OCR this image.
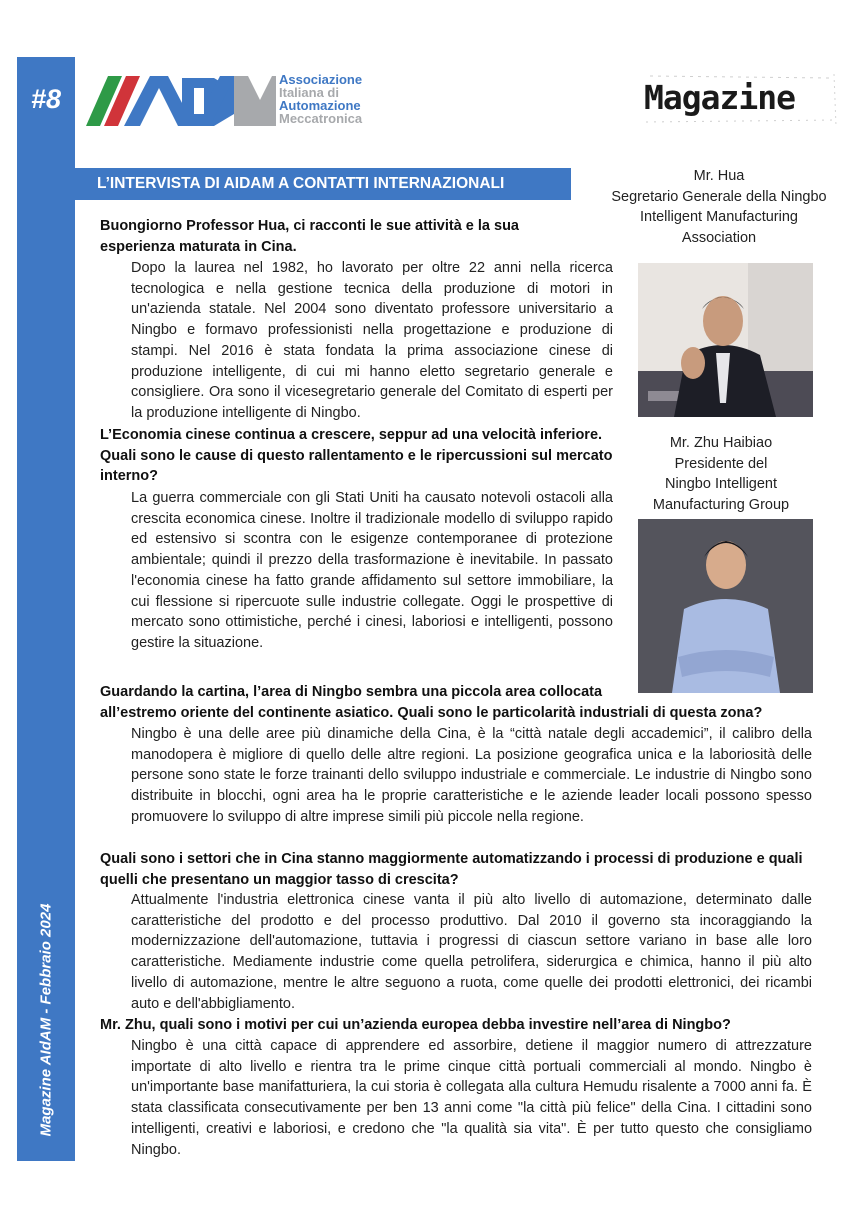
#8
Magazine AIdAM - Febbraio 2024
Associazione
Italiana di
Automazione
Meccatronica
Magazine
L’INTERVISTA DI AIDAM A CONTATTI INTERNAZIONALI	Mr. Hua
Segretario Generale della Ningbo
Intelligent Manufacturing
Association
Mr. Zhu Haibiao
Presidente del
Ningbo Intelligent
Manufacturing Group
Buongiorno Professor Hua, ci racconti le sue attività e la sua
esperienza maturata in Cina.
Dopo la laurea nel 1982, ho lavorato per oltre 22 anni nella ricerca tecnologica e nella gestione tecnica della produzione di motori in un'azienda statale. Nel 2004 sono diventato professore universitario a Ningbo e formavo professionisti nella progettazione e produzione di stampi. Nel 2016 è stata fondata la prima associazione cinese di produzione intelligente, di cui mi hanno eletto segretario generale e consigliere. Ora sono il vicesegretario generale del Comitato di esperti per la produzione intelligente di Ningbo.
L’Economia cinese continua a crescere, seppur ad una velocità inferiore. Quali sono le cause di questo rallentamento e le ripercussioni sul mercato interno?
La guerra commerciale con gli Stati Uniti ha causato notevoli ostacoli alla crescita economica cinese. Inoltre il tradizionale modello di sviluppo rapido ed estensivo si scontra con le esigenze contemporanee di protezione ambientale; quindi il prezzo della trasformazione è inevitabile. In passato l'economia cinese ha fatto grande affidamento sul settore immobiliare, la cui flessione si ripercuote sulle industrie collegate. Oggi le prospettive di mercato sono ottimistiche, perché i cinesi, laboriosi e intelligenti, possono gestire la situazione.
Guardando la cartina, l’area di Ningbo sembra una piccola area collocata
all’estremo oriente del continente asiatico. Quali sono le particolarità industriali di questa zona?
Ningbo è una delle aree più dinamiche della Cina, è la “città natale degli accademici”, il calibro della manodopera è migliore di quello delle altre regioni. La posizione geografica unica e la laboriosità delle persone sono state le forze trainanti dello sviluppo industriale e commerciale. Le industrie di Ningbo sono distribuite in blocchi, ogni area ha le proprie caratteristiche e le aziende leader locali possono spesso promuovere lo sviluppo di altre imprese simili più piccole nella regione.
Quali sono i settori che in Cina stanno maggiormente automatizzando i processi di produzione e quali quelli che presentano un maggior tasso di crescita?
Attualmente l'industria elettronica cinese vanta il più alto livello di automazione, determinato dalle caratteristiche del prodotto e del processo produttivo. Dal 2010 il governo sta incoraggiando la modernizzazione dell'automazione, tuttavia i progressi di ciascun settore variano in base alle loro caratteristiche. Mediamente industrie come quella petrolifera, siderurgica e chimica, hanno il più alto livello di automazione, mentre le altre seguono a ruota, come quelle dei prodotti elettronici, dei ricambi auto e dell'abbigliamento.
Mr. Zhu, quali sono i motivi per cui un’azienda europea debba investire nell’area di Ningbo?
Ningbo è una città capace di apprendere ed assorbire, detiene il maggior numero di attrezzature importate di alto livello e rientra tra le prime cinque città portuali commerciali al mondo. Ningbo è un'importante base manifatturiera, la cui storia è collegata alla cultura Hemudu risalente a 7000 anni fa. È stata classificata consecutivamente per ben 13 anni come "la città più felice" della Cina. I cittadini sono intelligenti, creativi e laboriosi, e credono che "la qualità sia vita". È per tutto questo che consigliamo Ningbo.
